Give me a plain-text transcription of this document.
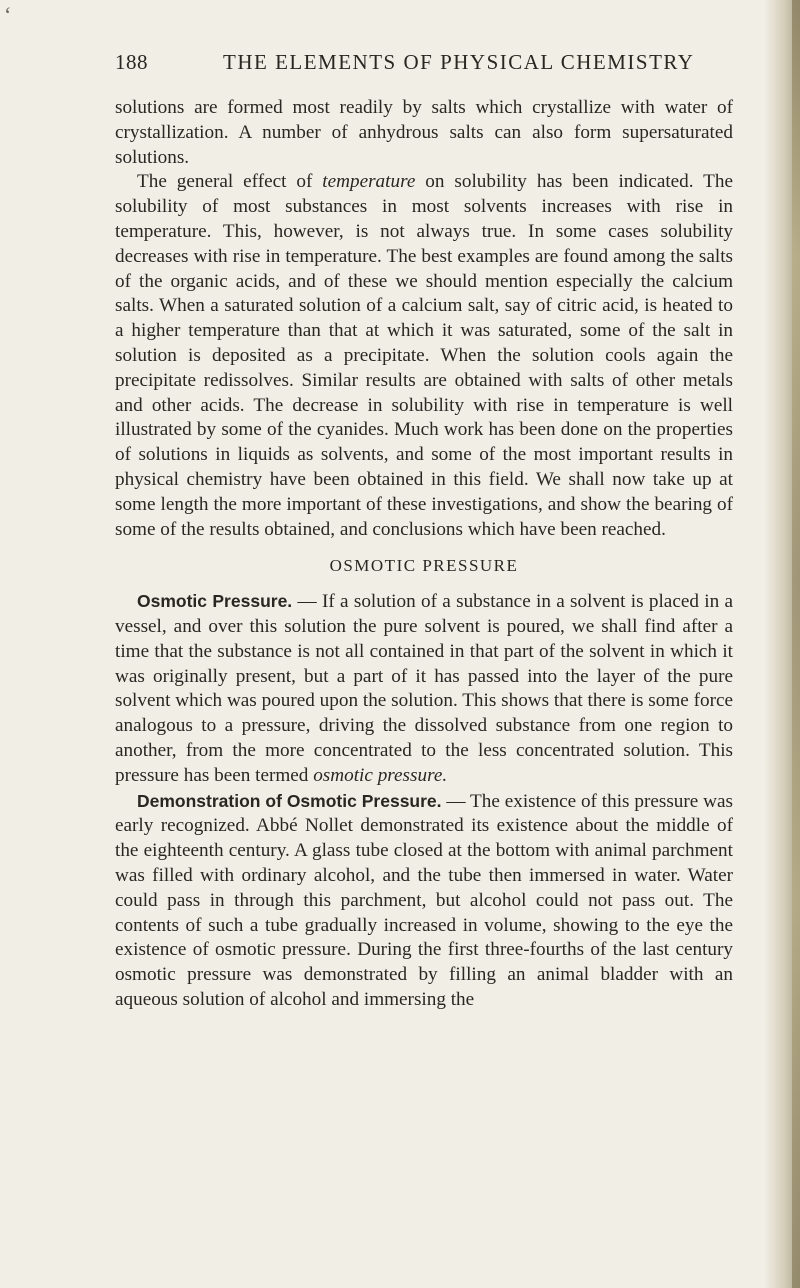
‘
188	THE ELEMENTS OF PHYSICAL CHEMISTRY

solutions are formed most readily by salts which crystallize with water of crystallization. A number of anhydrous salts can also form supersaturated solutions.

The general effect of temperature on solubility has been indicated. The solubility of most substances in most solvents increases with rise in temperature. This, however, is not always true. In some cases solubility decreases with rise in temperature. The best examples are found among the salts of the organic acids, and of these we should mention especially the calcium salts. When a saturated solution of a calcium salt, say of citric acid, is heated to a higher temperature than that at which it was saturated, some of the salt in solution is deposited as a precipitate. When the solution cools again the precipitate redissolves. Similar results are obtained with salts of other metals and other acids. The decrease in solubility with rise in temperature is well illustrated by some of the cyanides. Much work has been done on the properties of solutions in liquids as solvents, and some of the most important results in physical chemistry have been obtained in this field. We shall now take up at some length the more important of these investigations, and show the bearing of some of the results obtained, and conclusions which have been reached.

OSMOTIC PRESSURE

Osmotic Pressure. — If a solution of a substance in a solvent is placed in a vessel, and over this solution the pure solvent is poured, we shall find after a time that the substance is not all contained in that part of the solvent in which it was originally present, but a part of it has passed into the layer of the pure solvent which was poured upon the solution. This shows that there is some force analogous to a pressure, driving the dissolved substance from one region to another, from the more concentrated to the less concentrated solution. This pressure has been termed osmotic pressure.

Demonstration of Osmotic Pressure. — The existence of this pressure was early recognized. Abbé Nollet demonstrated its existence about the middle of the eighteenth century. A glass tube closed at the bottom with animal parchment was filled with ordinary alcohol, and the tube then immersed in water. Water could pass in through this parchment, but alcohol could not pass out. The contents of such a tube gradually increased in volume, showing to the eye the existence of osmotic pressure. During the first three-fourths of the last century osmotic pressure was demonstrated by filling an animal bladder with an aqueous solution of alcohol and immersing the
